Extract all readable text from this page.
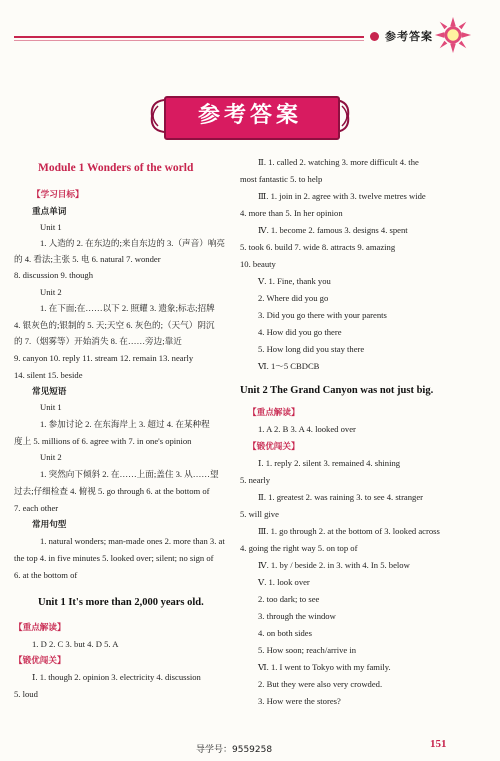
参考答案
参考答案
Module 1 Wonders of the world
【学习目标】
重点单词
Unit 1
1. 人造的 2. 在东边的;来自东边的 3.（声音）响亮
的 4. 看法;主张 5. 电 6. natural 7. wonder
8. discussion 9. though
Unit 2
1. 在下面;在……以下 2. 照耀 3. 遗象;标志;招牌
4. 银灰色的;银制的 5. 天;天空 6. 灰色的;（天气）阴沉
的 7.（烟雾等）开始消失 8. 在……旁边;靠近
9. canyon 10. reply 11. stream 12. remain 13. nearly
14. silent 15. beside
常见短语
Unit 1
1. 参加讨论 2. 在东海岸上 3. 超过 4. 在某种程
度上 5. millions of 6. agree with 7. in one's opinion
Unit 2
1. 突然向下倾斜 2. 在……上面;盖住 3. 从……望
过去;仔细检查 4. 俯视 5. go through 6. at the bottom of
7. each other
常用句型
1. natural wonders; man-made ones 2. more than 3. at
the top 4. in five minutes 5. looked over; silent; no sign of
6. at the bottom of
Unit 1 It's more than 2,000 years old.
【重点解读】
1. D 2. C 3. but 4. D 5. A
【锻优闯关】
Ⅰ. 1. though 2. opinion 3. electricity 4. discussion
5. loud
Ⅱ. 1. called 2. watching 3. more difficult 4. the
most fantastic 5. to help
Ⅲ. 1. join in 2. agree with 3. twelve metres wide
4. more than 5. In her opinion
Ⅳ. 1. become 2. famous 3. designs 4. spent
5. took 6. build 7. wide 8. attracts 9. amazing
10. beauty
Ⅴ. 1. Fine, thank you
2. Where did you go
3. Did you go there with your parents
4. How did you go there
5. How long did you stay there
Ⅵ. 1～5 CBDCB
Unit 2 The Grand Canyon was not just big.
【重点解读】
1. A 2. B 3. A 4. looked over
【锻优闯关】
Ⅰ. 1. reply 2. silent 3. remained 4. shining
5. nearly
Ⅱ. 1. greatest 2. was raining 3. to see 4. stranger
5. will give
Ⅲ. 1. go through 2. at the bottom of 3. looked across
4. going the right way 5. on top of
Ⅳ. 1. by / beside 2. in 3. with 4. In 5. below
Ⅴ. 1. look over
2. too dark; to see
3. through the window
4. on both sides
5. How soon; reach/arrive in
Ⅵ. 1. I went to Tokyo with my family.
2. But they were also very crowded.
3. How were the stores?
导学号：9559258	151
